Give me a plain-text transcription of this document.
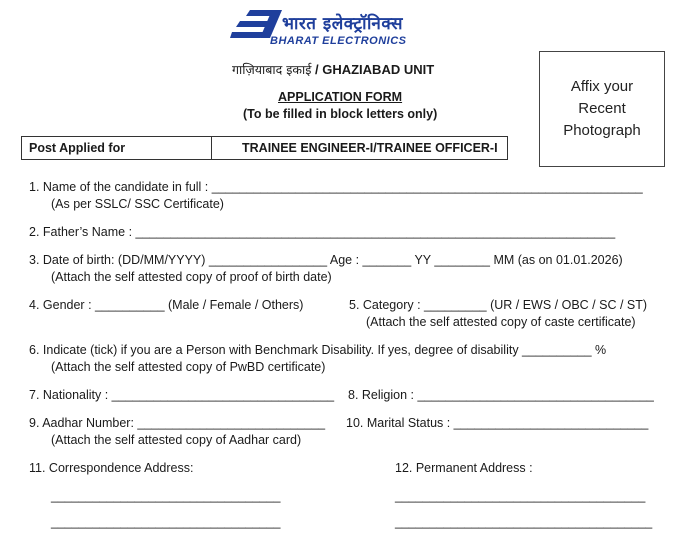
भारत इलेक्ट्रॉनिक्स
BHARAT ELECTRONICS
गाज़ियाबाद इकाई / GHAZIABAD UNIT
APPLICATION FORM
(To be filled in block letters only)
Affix your
Recent
Photograph
Post Applied for	TRAINEE ENGINEER-I/TRAINEE OFFICER-I
1. Name of the candidate in full : ______________________________________________________________
(As per SSLC/ SSC Certificate)
2. Father’s Name : _____________________________________________________________________
3. Date of birth: (DD/MM/YYYY) _________________ Age : _______ YY ________ MM (as on 01.01.2026)
(Attach the self attested copy of proof of birth date)
4. Gender : __________ (Male / Female / Others)	5. Category : _________ (UR / EWS / OBC / SC / ST)
(Attach the self attested copy of caste certificate)
6. Indicate (tick) if you are a Person with Benchmark Disability. If yes, degree of disability __________ %
(Attach the self attested copy of PwBD certificate)
7. Nationality : ________________________________ 8. Religion : __________________________________
9. Aadhar Number: ___________________________
(Attach the self attested copy of Aadhar card)
10. Marital Status : ____________________________
11. Correspondence Address:
_________________________________
_________________________________
12. Permanent Address :
____________________________________
_____________________________________
